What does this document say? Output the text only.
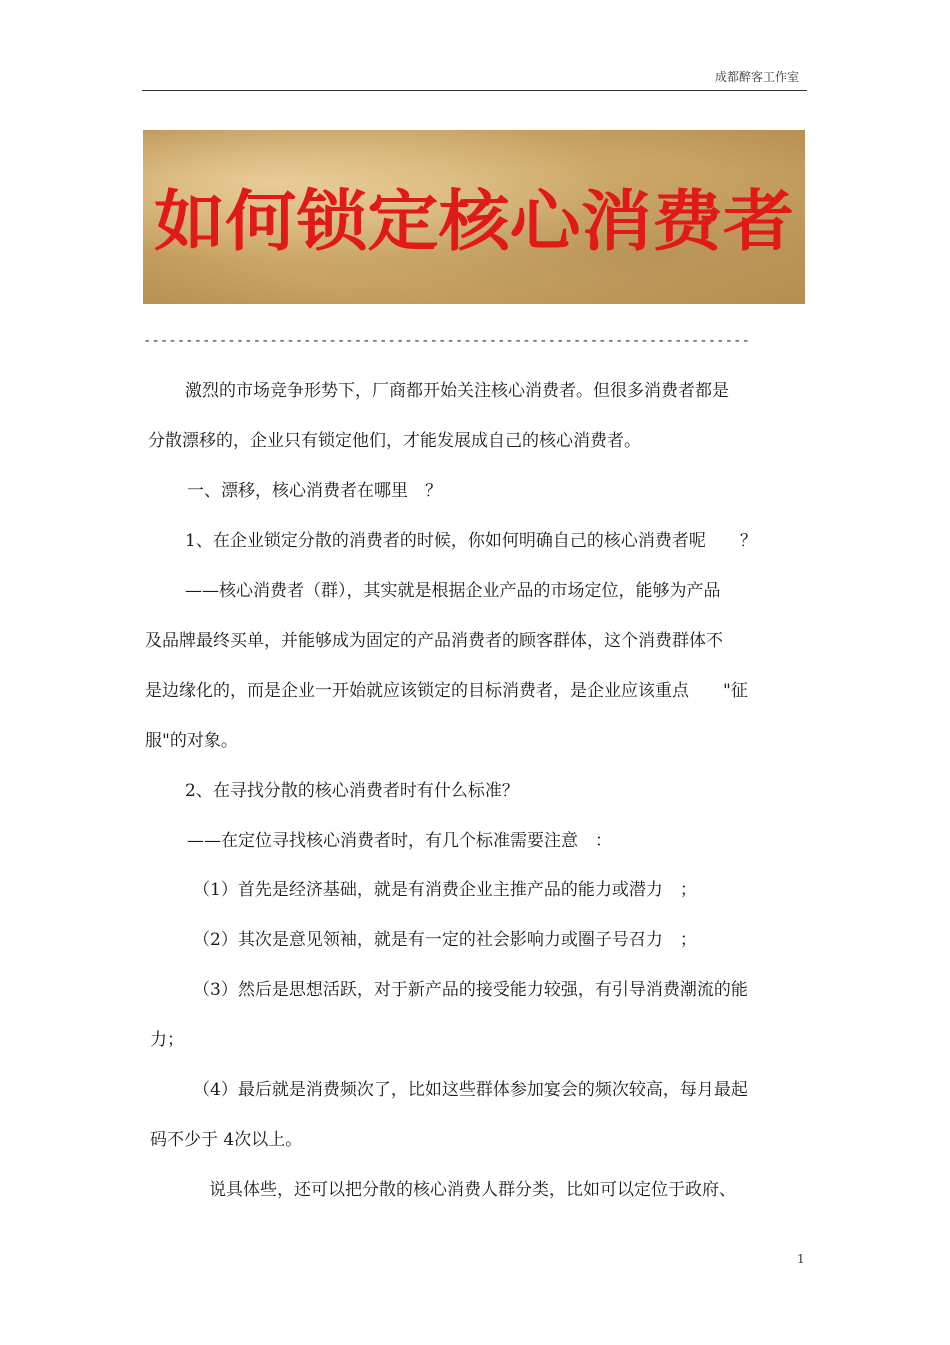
成都醉客工作室
如何锁定核心消费者
------------------------------------------------------------------------
激烈的市场竞争形势下，厂商都开始关注核心消费者。但很多消费者都是
分散漂移的，企业只有锁定他们，才能发展成自己的核心消费者。
一、漂移，核心消费者在哪里　？
1、在企业锁定分散的消费者的时候，你如何明确自己的核心消费者呢　　？
——核心消费者（群），其实就是根据企业产品的市场定位，能够为产品
及品牌最终买单，并能够成为固定的产品消费者的顾客群体，这个消费群体不
是边缘化的，而是企业一开始就应该锁定的目标消费者，是企业应该重点　　"征
服"的对象。
2、在寻找分散的核心消费者时有什么标准？
——在定位寻找核心消费者时，有几个标准需要注意　：
（1）首先是经济基础，就是有消费企业主推产品的能力或潜力　；
（2）其次是意见领袖，就是有一定的社会影响力或圈子号召力　；
（3）然后是思想活跃，对于新产品的接受能力较强，有引导消费潮流的能
力；
（4）最后就是消费频次了，比如这些群体参加宴会的频次较高，每月最起
码不少于 4次以上。
说具体些，还可以把分散的核心消费人群分类，比如可以定位于政府、
1
